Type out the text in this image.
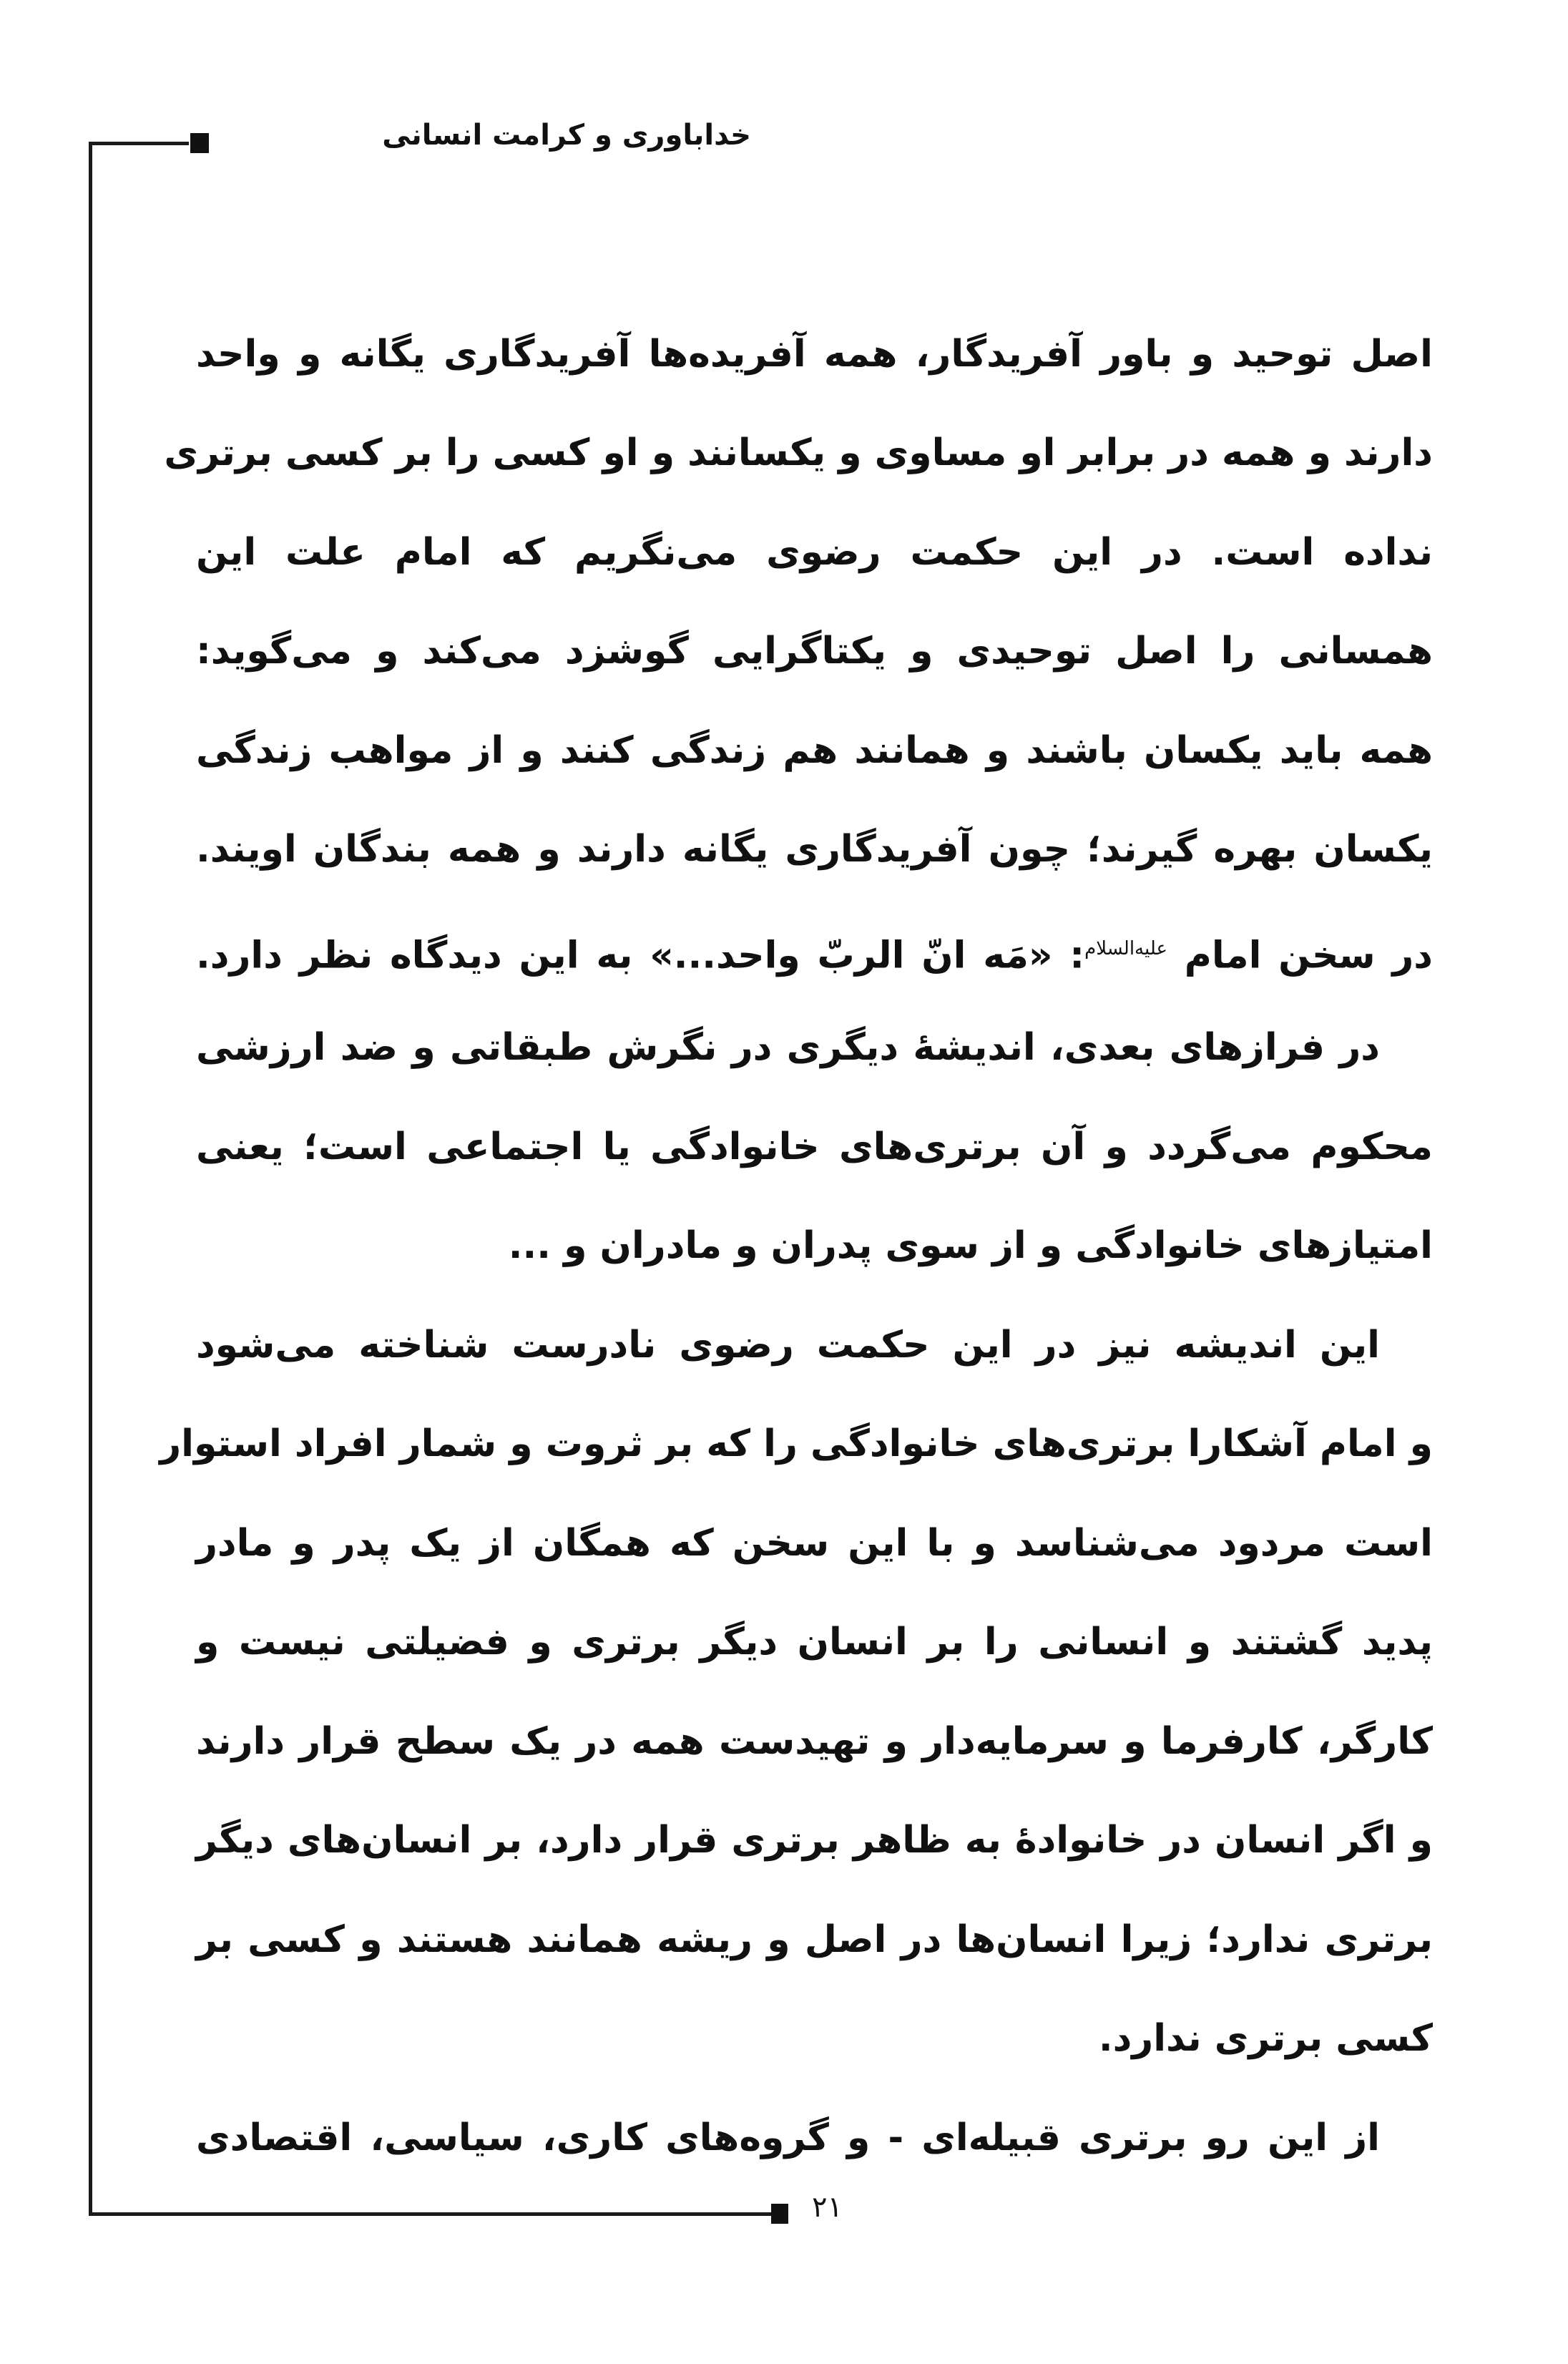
خداباوری و کرامت انسانی
اصل توحید و باور آفریدگار، همه آفریده‌ها آفریدگاری یگانه و واحد
دارند و همه در برابر او مساوی و یکسانند و او کسی را بر کسی برتری
نداده است. در این حکمت رضوی می‌نگریم که امام علت این
همسانی را اصل توحیدی و یکتاگرایی گوشزد می‌کند و می‌گوید:
همه باید یکسان باشند و همانند هم زندگی کنند و از مواهب زندگی
یکسان بهره گیرند؛ چون آفریدگاری یگانه دارند و همه بندگان اویند.
در سخن امام $^{علیه‌السلام}$: «مَه انّ الربّ واحد...» به این دیدگاه نظر دارد.
در فرازهای بعدی، اندیشهٔ دیگری در نگرش طبقاتی و ضد ارزشی
محکوم می‌گردد و آن برتری‌های خانوادگی یا اجتماعی است؛ یعنی
امتیازهای خانوادگی و از سوی پدران و مادران و ...
این اندیشه نیز در این حکمت رضوی نادرست شناخته می‌شود
و امام آشکارا برتری‌های خانوادگی را که بر ثروت و شمار افراد استوار
است مردود می‌شناسد و با این سخن که همگان از یک پدر و مادر
پدید گشتند و انسانی را بر انسان دیگر برتری و فضیلتی نیست و
کارگر، کارفرما و سرمایه‌دار و تهیدست همه در یک سطح قرار دارند
و اگر انسان در خانوادهٔ به ظاهر برتری قرار دارد، بر انسان‌های دیگر
برتری ندارد؛ زیرا انسان‌ها در اصل و ریشه همانند هستند و کسی بر
کسی برتری ندارد.
از این رو برتری قبیله‌ای - و گروه‌های کاری، سیاسی، اقتصادی
۲۱
